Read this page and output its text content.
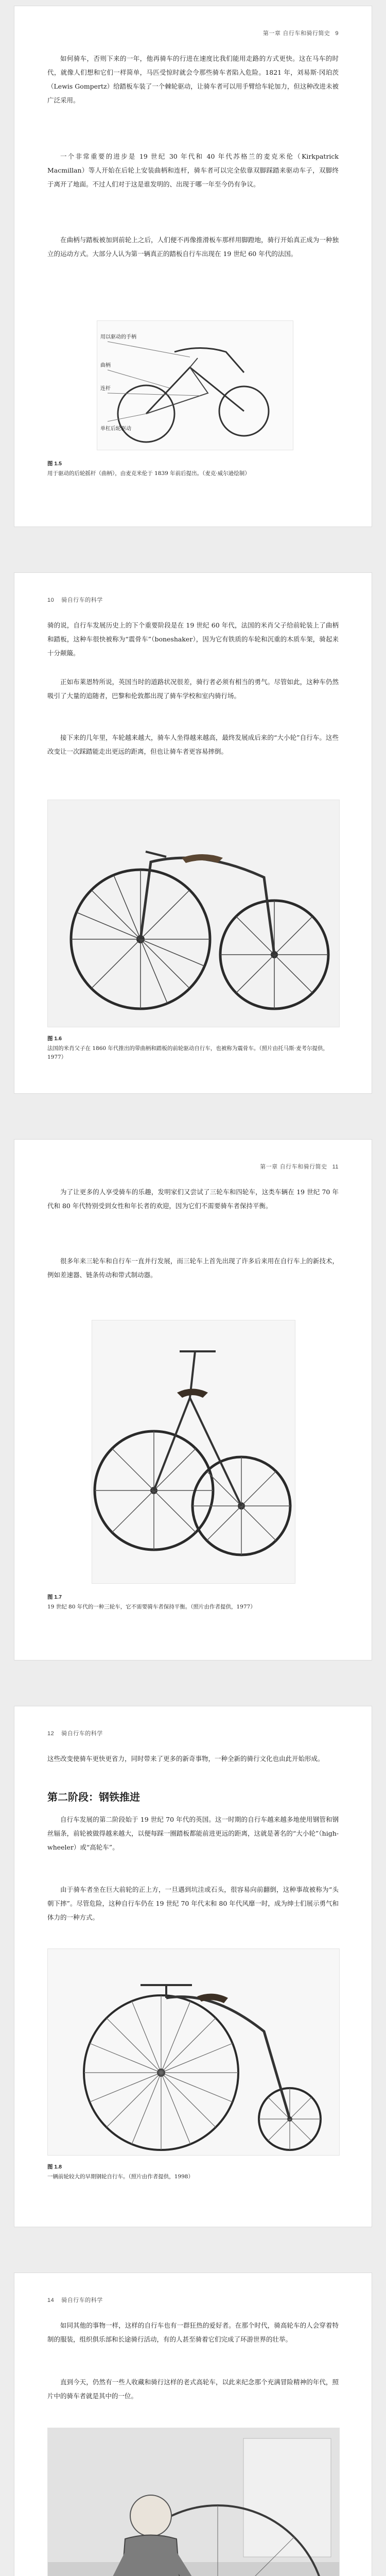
第一章 自行车和骑行简史 9

如何骑车，否则下来的一年，他再骑车的行进在速度比我们能用走路的方式更快。这在马车的时代，就像人们想和它们一样简单，马匹受惊时就会令那些骑车者陷入危险。1821 年，刘易斯·冈珀茨（Lewis Gompertz）给踏板车装了一个棘轮驱动，让骑车者可以用手臂给车轮加力，但这种改进未被广泛采用。

一个非常重要的进步是 19 世纪 30 年代和 40 年代苏格兰的麦克米伦（Kirkpatrick Macmillan）等人开始在后轮上安装曲柄和连杆，骑车者可以完全依靠双脚踩踏来驱动车子，双脚终于离开了地面。不过人们对于这是谁发明的、出现于哪一年至今仍有争议。

在曲柄与踏板被加到前轮上之后，人们便不再像推滑板车那样用脚蹬地，骑行开始真正成为一种独立的运动方式。大部分人认为第一辆真正的踏板自行车出现在 19 世纪 60 年代的法国。

用以驱动的手柄
曲柄
连杆
单杠后轮驱动
图 1.5
用于驱动的后轮摇杆（曲柄），由麦克米伦于 1839 年前后提出。（麦克·威尔逊绘制）
10 骑自行车的科学

骑的说，自行车发展历史上的下个重要阶段是在 19 世纪 60 年代，法国的米肖父子给前轮装上了曲柄和踏板，这种车很快被称为“震骨车”（boneshaker），因为它有铁质的车轮和沉重的木质车架，骑起来十分颠簸。

正如布莱恩特所说，英国当时的道路状况很差，骑行者必须有相当的勇气。尽管如此，这种车仍然吸引了大量的追随者，巴黎和伦敦都出现了骑车学校和室内骑行场。

接下来的几年里，车轮越来越大，骑车人坐得越来越高，最终发展成后来的“大小轮”自行车。这些改变让一次踩踏能走出更远的距离，但也让骑车者更容易摔倒。

图 1.6
法国的米肖父子在 1860 年代推出的带曲柄和踏板的前轮驱动自行车，也被称为震骨车。（照片由托马斯·麦考尔提供，1977）
第一章 自行车和骑行简史 11

为了让更多的人享受骑车的乐趣，发明家们又尝试了三轮车和四轮车，这类车辆在 19 世纪 70 年代和 80 年代特别受到女性和年长者的欢迎，因为它们不需要骑车者保持平衡。

很多年来三轮车和自行车一直并行发展，而三轮车上首先出现了许多后来用在自行车上的新技术，例如差速器、链条传动和带式制动器。

图 1.7
19 世纪 80 年代的一种三轮车，它不需要骑车者保持平衡。（照片由作者提供，1977）
12 骑自行车的科学

这些改变使骑车更快更省力，同时带来了更多的新奇事物，一种全新的骑行文化也由此开始形成。

第二阶段：钢铁推进

自行车发展的第二阶段始于 19 世纪 70 年代的英国。这一时期的自行车越来越多地使用钢管和钢丝辐条，前轮被做得越来越大，以便每踩一圈踏板都能前进更远的距离，这就是著名的“大小轮”（high-wheeler）或“高轮车”。

由于骑车者坐在巨大前轮的正上方，一旦遇到坑洼或石头，很容易向前翻倒，这种事故被称为“头朝下摔”。尽管危险，这种自行车仍在 19 世纪 70 年代末和 80 年代风靡一时，成为绅士们展示勇气和体力的一种方式。

图 1.8
一辆前轮较大的早期钢轮自行车。（照片由作者提供，1998）
14 骑自行车的科学

如同其他的事物一样，这样的自行车也有一群狂热的爱好者。在那个时代，骑高轮车的人会穿着特制的服装，组织俱乐部和长途骑行活动，有的人甚至骑着它们完成了环游世界的壮举。

直到今天，仍然有一些人收藏和骑行这样的老式高轮车，以此来纪念那个充满冒险精神的年代，照片中的骑车者就是其中的一位。
